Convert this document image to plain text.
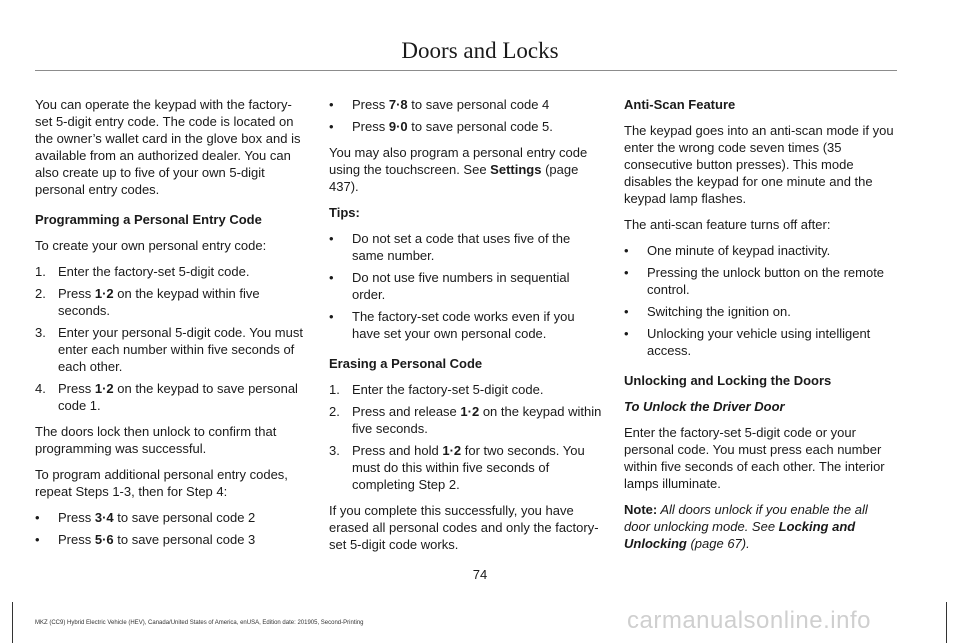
Doors and Locks

You can operate the keypad with the factory-set 5-digit entry code. The code is located on the owner’s wallet card in the glove box and is available from an authorized dealer. You can also create up to five of your own 5-digit personal entry codes.

Programming a Personal Entry Code

To create your own personal entry code:

1. Enter the factory-set 5-digit code.
2. Press 1·2 on the keypad within five seconds.
3. Enter your personal 5-digit code. You must enter each number within five seconds of each other.
4. Press 1·2 on the keypad to save personal code 1.

The doors lock then unlock to confirm that programming was successful.

To program additional personal entry codes, repeat Steps 1-3, then for Step 4:

• Press 3·4 to save personal code 2
• Press 5·6 to save personal code 3
• Press 7·8 to save personal code 4
• Press 9·0 to save personal code 5.

You may also program a personal entry code using the touchscreen. See Settings (page 437).

Tips:

• Do not set a code that uses five of the same number.
• Do not use five numbers in sequential order.
• The factory-set code works even if you have set your own personal code.

Erasing a Personal Code

1. Enter the factory-set 5-digit code.
2. Press and release 1·2 on the keypad within five seconds.
3. Press and hold 1·2 for two seconds. You must do this within five seconds of completing Step 2.

If you complete this successfully, you have erased all personal codes and only the factory-set 5-digit code works.

Anti-Scan Feature

The keypad goes into an anti-scan mode if you enter the wrong code seven times (35 consecutive button presses). This mode disables the keypad for one minute and the keypad lamp flashes.

The anti-scan feature turns off after:

• One minute of keypad inactivity.
• Pressing the unlock button on the remote control.
• Switching the ignition on.
• Unlocking your vehicle using intelligent access.

Unlocking and Locking the Doors

To Unlock the Driver Door

Enter the factory-set 5-digit code or your personal code. You must press each number within five seconds of each other. The interior lamps illuminate.

Note: All doors unlock if you enable the all door unlocking mode. See Locking and Unlocking (page 67).

74
MKZ (CC9) Hybrid Electric Vehicle (HEV), Canada/United States of America, enUSA, Edition date: 201905, Second-Printing	carmanualsonline.info
